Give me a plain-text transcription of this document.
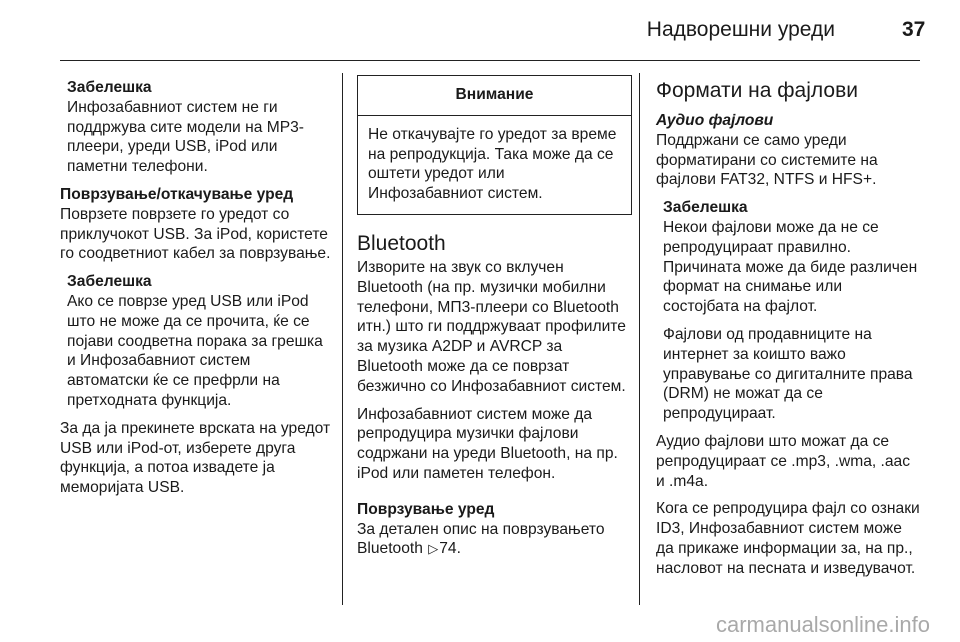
Надворешни уреди	37
Забелешка
Инфозабавниот систем не ги поддржува сите модели на MP3-плеери, уреди USB, iPod или паметни телефони.
Поврзување/откачување уред
Поврзете поврзете го уредот со приклучокот USB. За iPod, користете го соодветниот кабел за поврзување.
Забелешка
Ако се поврзе уред USB или iPod што не може да се прочита, ќе се појави соодветна порака за грешка и Инфозабавниот систем автоматски ќе се префрли на претходната функција.
За да ја прекинете врската на уредот USB или iPod-от, изберете друга функција, а потоа извадете ја меморијата USB.
Внимание
Не откачувајте го уредот за време на репродукција. Така може да се оштети уредот или Инфозабавниот систем.
Bluetooth
Изворите на звук со вклучен Bluetooth (на пр. музички мобилни телефони, МП3-плеери со Bluetooth итн.) што ги поддржуваат профилите за музика A2DP и AVRCP за Bluetooth може да се поврзат безжично со Инфозабавниот систем.
Инфозабавниот систем може да репродуцира музички фајлови содржани на уреди Bluetooth, на пр. iPod или паметен телефон.
Поврзување уред
За детален опис на поврзувањето Bluetooth ▷74.
Формати на фајлови
Аудио фајлови
Поддржани се само уреди форматирани со системите на фајлови FAT32, NTFS и HFS+.
Забелешка
Некои фајлови може да не се репродуцираат правилно. Причината може да биде различен формат на снимање или состојбата на фајлот.
Фајлови од продавниците на интернет за коишто важо управување со дигиталните права (DRM) не можат да се репродуцираат.
Аудио фајлови што можат да се репродуцираат се .mp3, .wma, .aac и .m4a.
Кога се репродуцира фајл со ознаки ID3, Инфозабавниот систем може да прикаже информации за, на пр., насловот на песната и изведувачот.
carmanualsonline.info
